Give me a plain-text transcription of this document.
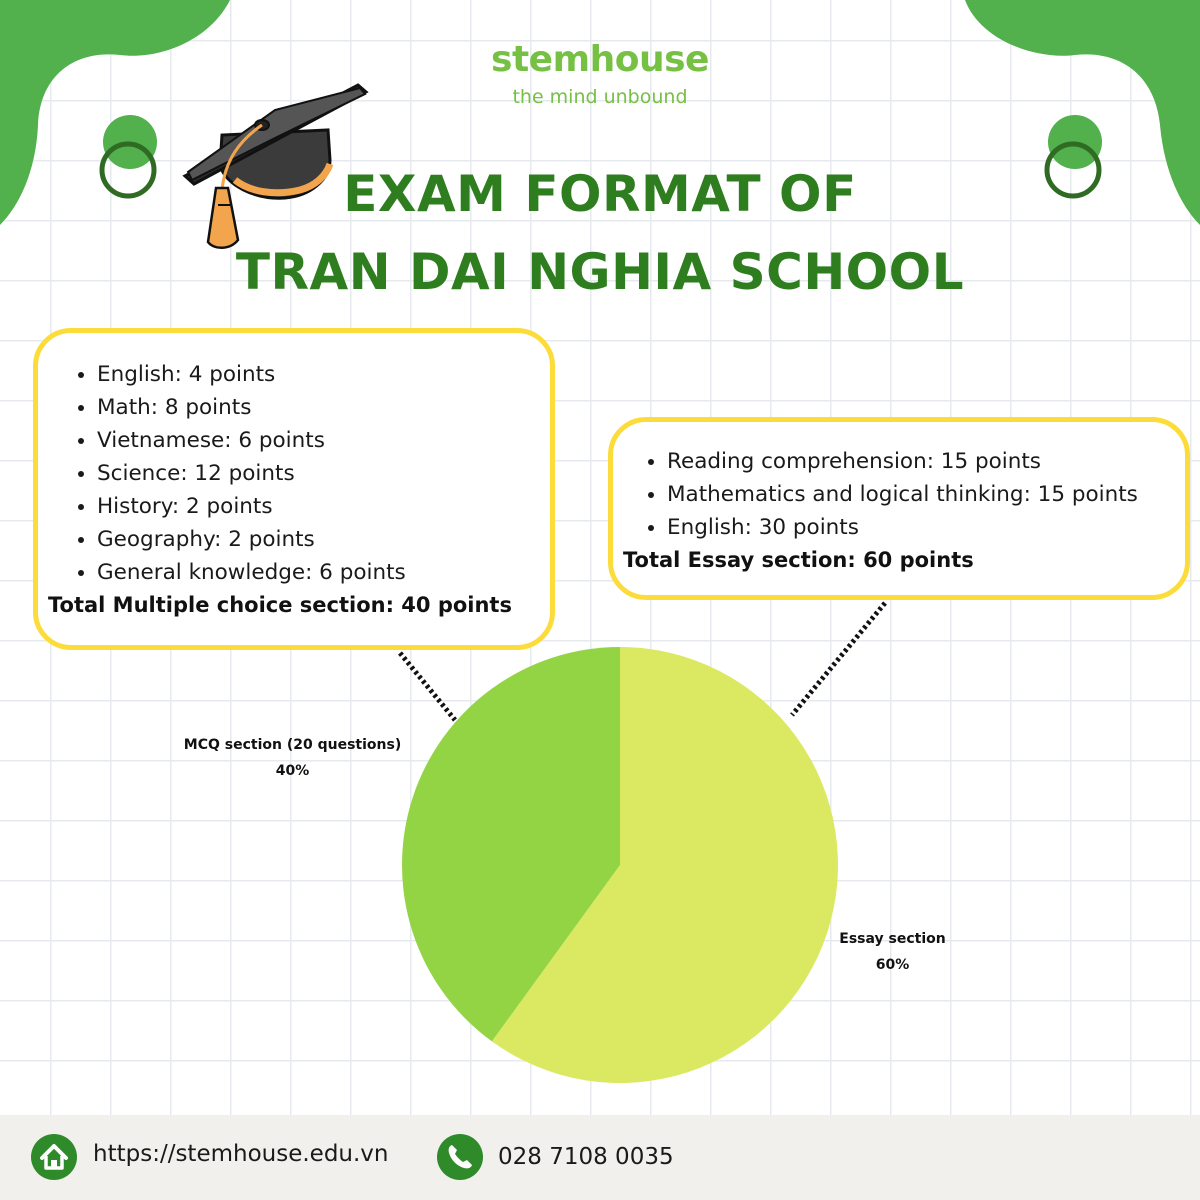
stemhouse
the mind unbound
EXAM FORMAT OF
TRAN DAI NGHIA SCHOOL
• English: 4 points
• Math: 8 points
• Vietnamese: 6 points
• Science: 12 points
• History: 2 points
• Geography: 2 points
• General knowledge: 6 points
Total Multiple choice section: 40 points
• Reading comprehension: 15 points
• Mathematics and logical thinking: 15 points
• English: 30 points
Total Essay section: 60 points
MCQ section (20 questions)
40%
Essay section
60%
https://stemhouse.edu.vn	028 7108 0035
